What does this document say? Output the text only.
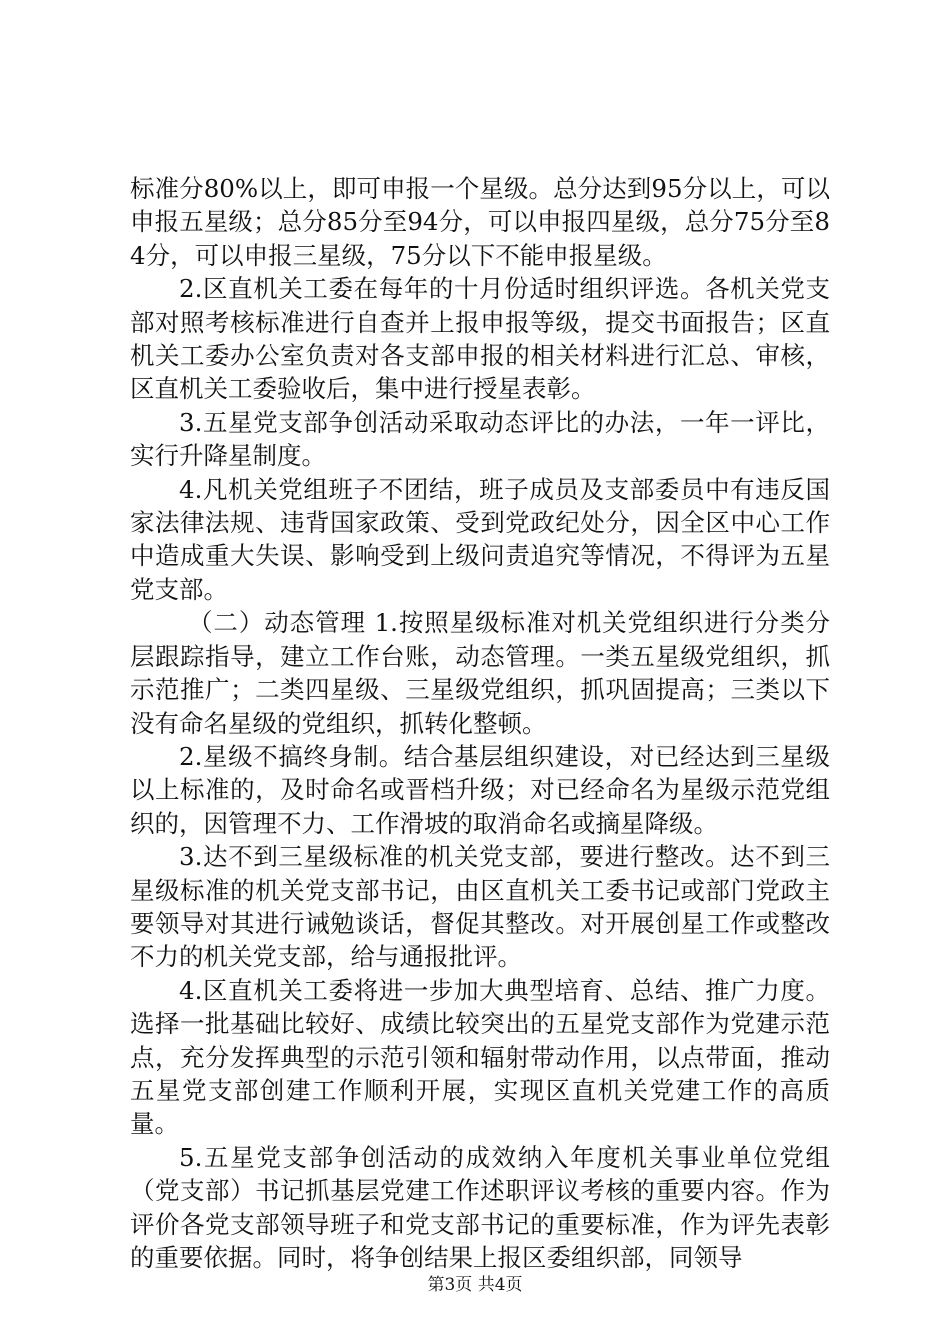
标准分80%以上，即可申报一个星级。总分达到95分以上，可以申报五星级；总分85分至94分，可以申报四星级，总分75分至84分，可以申报三星级，75分以下不能申报星级。

2.区直机关工委在每年的十月份适时组织评选。各机关党支部对照考核标准进行自查并上报申报等级，提交书面报告；区直机关工委办公室负责对各支部申报的相关材料进行汇总、审核，区直机关工委验收后，集中进行授星表彰。

3.五星党支部争创活动采取动态评比的办法，一年一评比，实行升降星制度。

4.凡机关党组班子不团结，班子成员及支部委员中有违反国家法律法规、违背国家政策、受到党政纪处分，因全区中心工作中造成重大失误、影响受到上级问责追究等情况，不得评为五星党支部。

（二）动态管理 1.按照星级标准对机关党组织进行分类分层跟踪指导，建立工作台账，动态管理。一类五星级党组织，抓示范推广；二类四星级、三星级党组织，抓巩固提高；三类以下没有命名星级的党组织，抓转化整顿。

2.星级不搞终身制。结合基层组织建设，对已经达到三星级以上标准的，及时命名或晋档升级；对已经命名为星级示范党组织的，因管理不力、工作滑坡的取消命名或摘星降级。

3.达不到三星级标准的机关党支部，要进行整改。达不到三星级标准的机关党支部书记，由区直机关工委书记或部门党政主要领导对其进行诫勉谈话，督促其整改。对开展创星工作或整改不力的机关党支部，给与通报批评。

4.区直机关工委将进一步加大典型培育、总结、推广力度。选择一批基础比较好、成绩比较突出的五星党支部作为党建示范点，充分发挥典型的示范引领和辐射带动作用，以点带面，推动五星党支部创建工作顺利开展，实现区直机关党建工作的高质量。

5.五星党支部争创活动的成效纳入年度机关事业单位党组（党支部）书记抓基层党建工作述职评议考核的重要内容。作为评价各党支部领导班子和党支部书记的重要标准，作为评先表彰的重要依据。同时，将争创结果上报区委组织部，同领导

第3页 共4页
